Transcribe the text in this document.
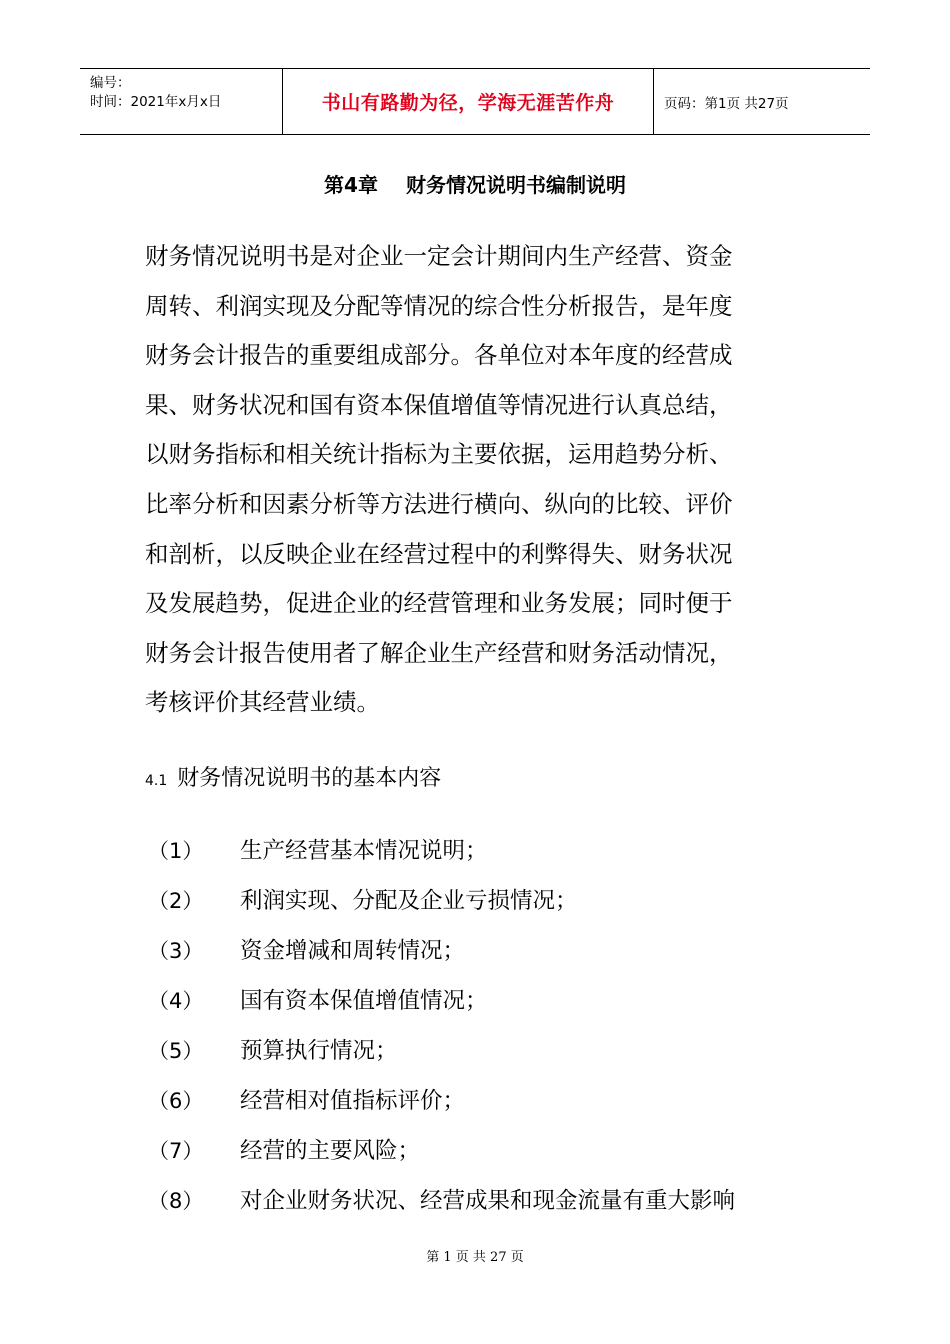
编号：
时间：2021年x月x日	书山有路勤为径，学海无涯苦作舟	页码：第1页 共27页
第4章 财务情况说明书编制说明
财务情况说明书是对企业一定会计期间内生产经营、资金
周转、利润实现及分配等情况的综合性分析报告，是年度
财务会计报告的重要组成部分。各单位对本年度的经营成
果、财务状况和国有资本保值增值等情况进行认真总结，
以财务指标和相关统计指标为主要依据，运用趋势分析、
比率分析和因素分析等方法进行横向、纵向的比较、评价
和剖析，以反映企业在经营过程中的利弊得失、财务状况
及发展趋势，促进企业的经营管理和业务发展；同时便于
财务会计报告使用者了解企业生产经营和财务活动情况，
考核评价其经营业绩。
4.1 财务情况说明书的基本内容
（1）	生产经营基本情况说明；
（2）	利润实现、分配及企业亏损情况；
（3）	资金增减和周转情况；
（4）	国有资本保值增值情况；
（5）	预算执行情况；
（6）	经营相对值指标评价；
（7）	经营的主要风险；
（8）	对企业财务状况、经营成果和现金流量有重大影响
第 1 页 共 27 页
